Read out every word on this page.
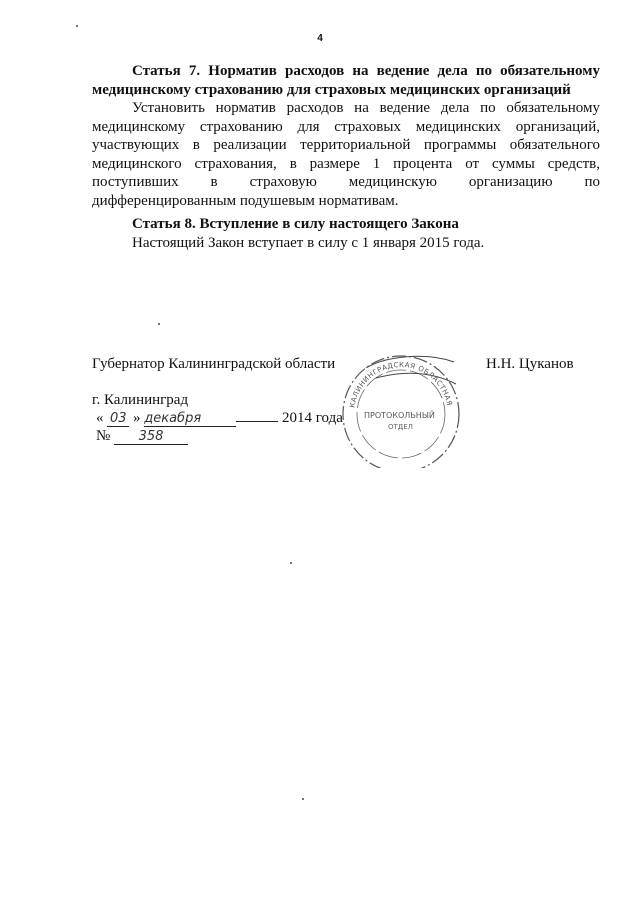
4
Статья 7. Норматив расходов на ведение дела по обязательному
медицинскому страхованию для страховых медицинских организаций
Установить норматив расходов на ведение дела по обязательному
медицинскому страхованию для страховых медицинских организаций,
участвующих в реализации территориальной программы обязательного
медицинского страхования, в размере 1 процента от суммы средств,
поступивших в страховую медицинскую организацию по
дифференцированным подушевым нормативам.
Статья 8. Вступление в силу настоящего Закона
Настоящий Закон вступает в силу с 1 января 2015 года.
Губернатор Калининградской области	Н.Н. Цуканов
КАЛИНИНГРАДСКАЯ ОБЛАСТНАЯ
ПРОТОКОЛЬНЫЙ
ОТДЕЛ
г. Калининград
« 03 » декабря	2014 года
№ 358
